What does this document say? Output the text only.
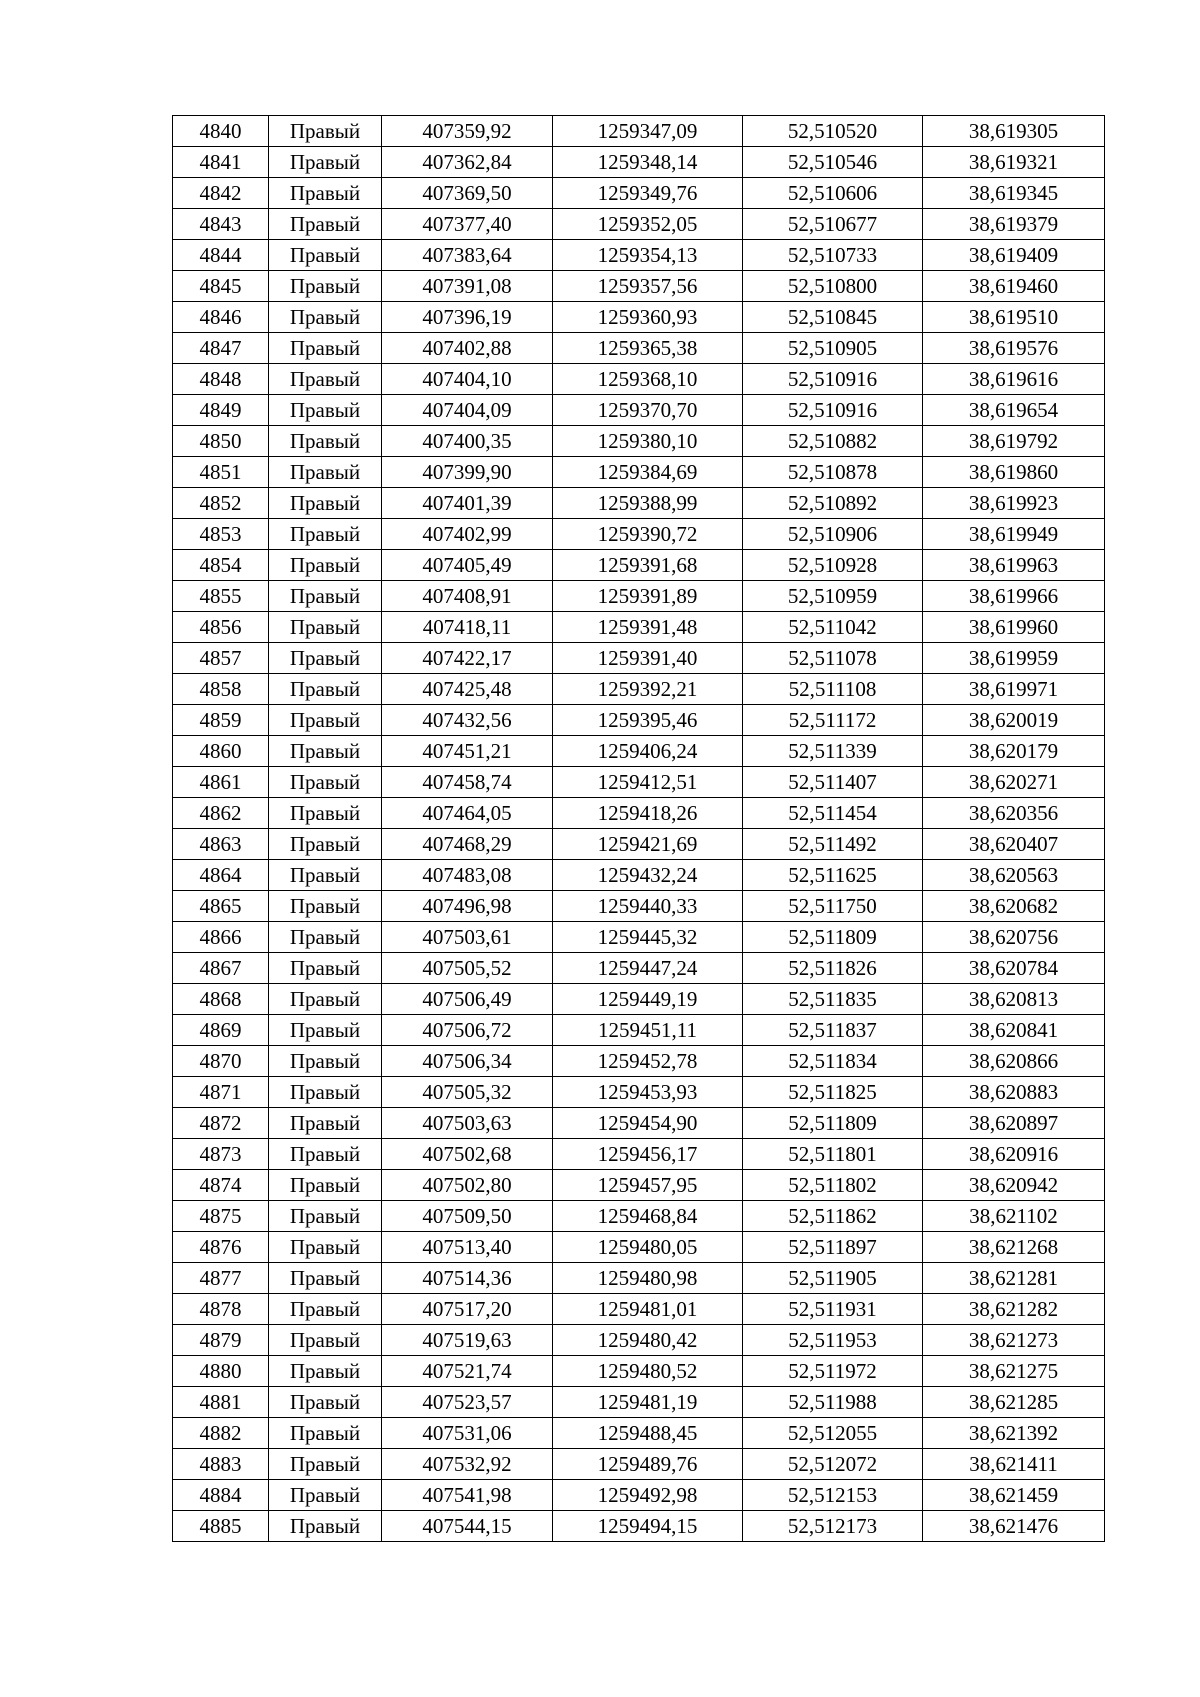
4840	Правый	407359,92	1259347,09	52,510520	38,619305
4841	Правый	407362,84	1259348,14	52,510546	38,619321
4842	Правый	407369,50	1259349,76	52,510606	38,619345
4843	Правый	407377,40	1259352,05	52,510677	38,619379
4844	Правый	407383,64	1259354,13	52,510733	38,619409
4845	Правый	407391,08	1259357,56	52,510800	38,619460
4846	Правый	407396,19	1259360,93	52,510845	38,619510
4847	Правый	407402,88	1259365,38	52,510905	38,619576
4848	Правый	407404,10	1259368,10	52,510916	38,619616
4849	Правый	407404,09	1259370,70	52,510916	38,619654
4850	Правый	407400,35	1259380,10	52,510882	38,619792
4851	Правый	407399,90	1259384,69	52,510878	38,619860
4852	Правый	407401,39	1259388,99	52,510892	38,619923
4853	Правый	407402,99	1259390,72	52,510906	38,619949
4854	Правый	407405,49	1259391,68	52,510928	38,619963
4855	Правый	407408,91	1259391,89	52,510959	38,619966
4856	Правый	407418,11	1259391,48	52,511042	38,619960
4857	Правый	407422,17	1259391,40	52,511078	38,619959
4858	Правый	407425,48	1259392,21	52,511108	38,619971
4859	Правый	407432,56	1259395,46	52,511172	38,620019
4860	Правый	407451,21	1259406,24	52,511339	38,620179
4861	Правый	407458,74	1259412,51	52,511407	38,620271
4862	Правый	407464,05	1259418,26	52,511454	38,620356
4863	Правый	407468,29	1259421,69	52,511492	38,620407
4864	Правый	407483,08	1259432,24	52,511625	38,620563
4865	Правый	407496,98	1259440,33	52,511750	38,620682
4866	Правый	407503,61	1259445,32	52,511809	38,620756
4867	Правый	407505,52	1259447,24	52,511826	38,620784
4868	Правый	407506,49	1259449,19	52,511835	38,620813
4869	Правый	407506,72	1259451,11	52,511837	38,620841
4870	Правый	407506,34	1259452,78	52,511834	38,620866
4871	Правый	407505,32	1259453,93	52,511825	38,620883
4872	Правый	407503,63	1259454,90	52,511809	38,620897
4873	Правый	407502,68	1259456,17	52,511801	38,620916
4874	Правый	407502,80	1259457,95	52,511802	38,620942
4875	Правый	407509,50	1259468,84	52,511862	38,621102
4876	Правый	407513,40	1259480,05	52,511897	38,621268
4877	Правый	407514,36	1259480,98	52,511905	38,621281
4878	Правый	407517,20	1259481,01	52,511931	38,621282
4879	Правый	407519,63	1259480,42	52,511953	38,621273
4880	Правый	407521,74	1259480,52	52,511972	38,621275
4881	Правый	407523,57	1259481,19	52,511988	38,621285
4882	Правый	407531,06	1259488,45	52,512055	38,621392
4883	Правый	407532,92	1259489,76	52,512072	38,621411
4884	Правый	407541,98	1259492,98	52,512153	38,621459
4885	Правый	407544,15	1259494,15	52,512173	38,621476
